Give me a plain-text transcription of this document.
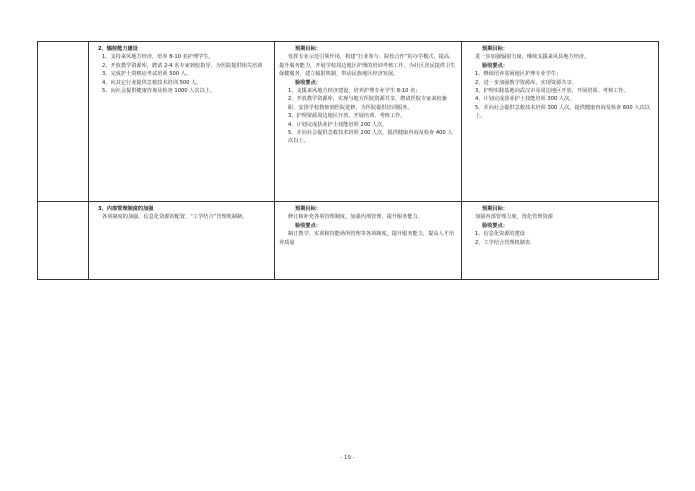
2、辐射能力建设

1、支持来风地方经济，培养 8-10 名护理学生。

2、开放教学资源库，聘请 2-4 名专家到校指导，为医院提供相关培训

3、完成护士资格证考试培训 500 人。

4、向其它行业提供急救技术培训 500 人。

5、向社会提供健康咨询及检查 1000 人次以上。

预期目标：

发挥专业示范引领作用，构建“行业参与、院校合作”的办学模式，提高、提升服务能力，开展学校周边地区护理的培训考核工作，为社区居民提供卫生保健服务，建立辐射机制，带动民族地区经济发展。

验收要点：

1、支援来风地方经济建设，培养护理专业学生 8-10 名；

2、开放教学资源库，实现与地方医院资源共享，聘请医院专家来校兼职，安排学校教师到医院进修，为医院提供培训服务。

3、护理资源周边地区开放，开展培训、考核工作。

4、计划完成执业护士技能培训 200 人次，

5、并向社会提供急救技术培训 200 人次，提供健康咨询及检查 400 人次以上。

预期目标：

进一步加强辐射力度，继续支援来风县地方经济。

验收要点：

1、继续培养贫困地区护理专业学生；

2、进一步加强教学资源库，实现资源共享。

3、护理实践基地向武汉市及周边地区开放，开展培训、考核工作。

4、计划完成执业护士技能培训 300 人次，

5、并向社会提供急救技术培训 300 人次，提供健康咨询及检查 600 人次以上。

3、内部管理制度的加强

各项制度的加强、信息化资源的配置、“工学结合”管理机制制。

预期目标：

修订和补充各项管理制度，加强内部管理，提升服务能力。

验收要点：

制订教学、实训和技能场所管理等各项制度，提升服务能力，提高人才培养质量

预期目标：

加强内部管理力度，优化管理资源

验收要点：

1、信息化资源的建设

2、工学结合管理机制表

- 19 -
